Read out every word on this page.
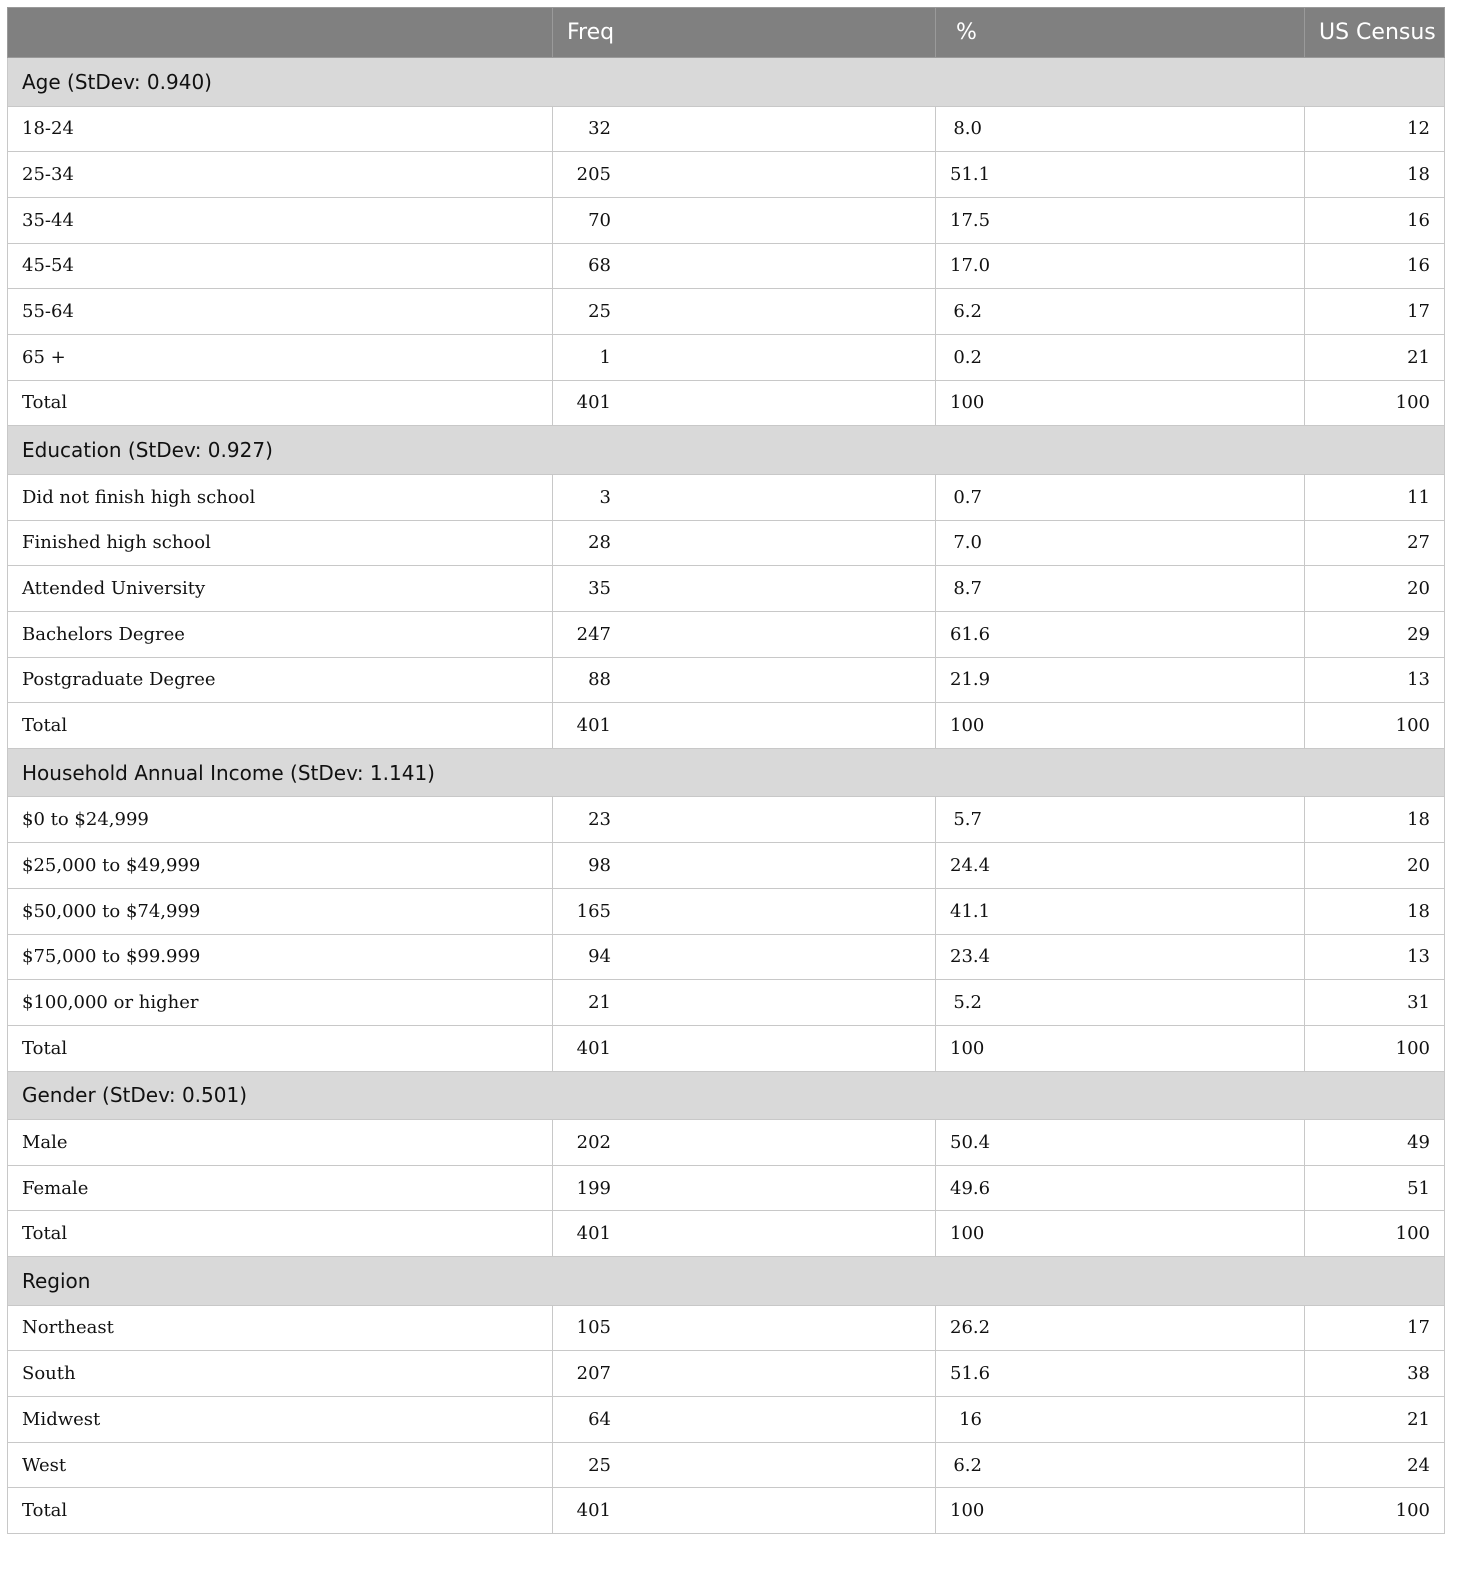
	Freq	%	US Census
Age (StDev: 0.940)			
18-24	32	8.0	12
25-34	205	51.1	18
35-44	70	17.5	16
45-54	68	17.0	16
55-64	25	6.2	17
65 +	1	0.2	21
Total	401	100	100
Education (StDev: 0.927)			
Did not finish high school	3	0.7	11
Finished high school	28	7.0	27
Attended University	35	8.7	20
Bachelors Degree	247	61.6	29
Postgraduate Degree	88	21.9	13
Total	401	100	100
Household Annual Income (StDev: 1.141)			
$0 to $24,999	23	5.7	18
$25,000 to $49,999	98	24.4	20
$50,000 to $74,999	165	41.1	18
$75,000 to $99.999	94	23.4	13
$100,000 or higher	21	5.2	31
Total	401	100	100
Gender (StDev: 0.501)			
Male	202	50.4	49
Female	199	49.6	51
Total	401	100	100
Region			
Northeast	105	26.2	17
South	207	51.6	38
Midwest	64	16	21
West	25	6.2	24
Total	401	100	100
